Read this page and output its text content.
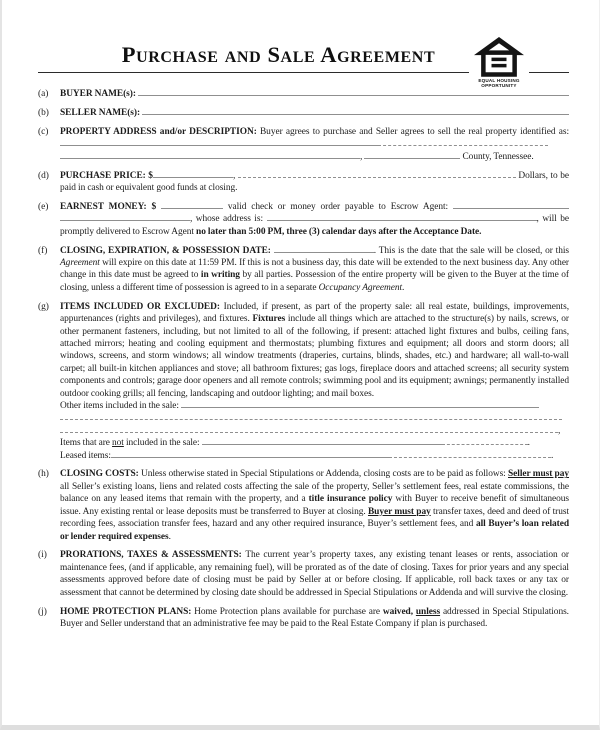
Purchase and Sale Agreement
EQUAL HOUSING
OPPORTUNITY
(a)	BUYER NAME(s):
(b)	SELLER NAME(s):
(c)	PROPERTY ADDRESS and/or DESCRIPTION: Buyer agrees to purchase and Seller agrees to sell the real property identified as: ,	County, Tennessee.
(d)	PURCHASE PRICE: $	,	Dollars, to be paid in cash or equivalent good funds at closing.
(e)	EARNEST MONEY: $	valid check or money order payable to Escrow Agent: , whose address is:	, will be promptly delivered to Escrow Agent no later than 5:00 PM, three (3) calendar days after the Acceptance Date.
(f)	CLOSING, EXPIRATION, & POSSESSION DATE:	. This is the date that the sale will be closed, or this Agreement will expire on this date at 11:59 PM. If this is not a business day, this date will be extended to the next business day. Any other change in this date must be agreed to in writing by all parties. Possession of the entire property will be given to the Buyer at the time of closing, unless a different time of possession is agreed to in a separate Occupancy Agreement.
(g)	ITEMS INCLUDED OR EXCLUDED: Included, if present, as part of the property sale: all real estate, buildings, improvements, appurtenances (rights and privileges), and fixtures. Fixtures include all things which are attached to the structure(s) by nails, screws, or other permanent fasteners, including, but not limited to all of the following, if present: attached light fixtures and bulbs, ceiling fans, attached mirrors; heating and cooling equipment and thermostats; plumbing fixtures and equipment; all doors and storm doors; all windows, screens, and storm windows; all window treatments (draperies, curtains, blinds, shades, etc.) and hardware; all wall-to-wall carpet; all built-in kitchen appliances and stove; all bathroom fixtures; gas logs, fireplace doors and attached screens; all security system components and controls; garage door openers and all remote controls; swimming pool and its equipment; awnings; permanently installed outdoor cooking grills; all fencing, landscaping and outdoor lighting; and mail boxes.
Other items included in the sale:

,
Items that are not included in the sale:	.
Leased items:	.
(h)	CLOSING COSTS: Unless otherwise stated in Special Stipulations or Addenda, closing costs are to be paid as follows: Seller must pay all Seller’s existing loans, liens and related costs affecting the sale of the property, Seller’s settlement fees, real estate commissions, the balance on any leased items that remain with the property, and a title insurance policy with Buyer to receive benefit of simultaneous issue. Any existing rental or lease deposits must be transferred to Buyer at closing. Buyer must pay transfer taxes, deed and deed of trust recording fees, association transfer fees, hazard and any other required insurance, Buyer’s settlement fees, and all Buyer’s loan related or lender required expenses.
(i)	PRORATIONS, TAXES & ASSESSMENTS: The current year’s property taxes, any existing tenant leases or rents, association or maintenance fees, (and if applicable, any remaining fuel), will be prorated as of the date of closing. Taxes for prior years and any special assessments approved before date of closing must be paid by Seller at or before closing. If applicable, roll back taxes or any tax or assessment that cannot be determined by closing date should be addressed in Special Stipulations or Addenda and will survive the closing.
(j)	HOME PROTECTION PLANS: Home Protection plans available for purchase are waived, unless addressed in Special Stipulations. Buyer and Seller understand that an administrative fee may be paid to the Real Estate Company if plan is purchased.
